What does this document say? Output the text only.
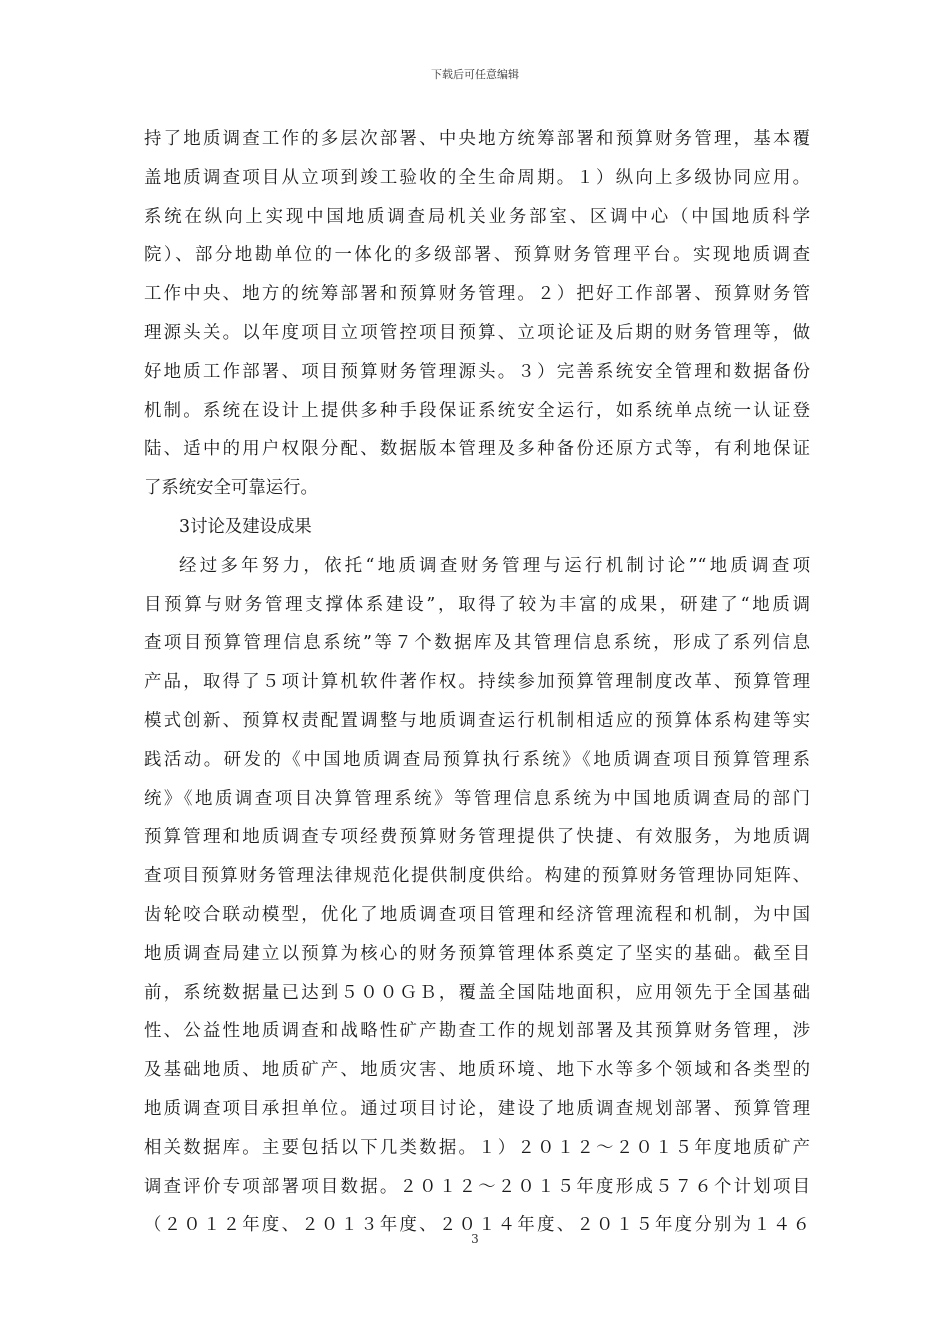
下载后可任意编辑
持了地质调查工作的多层次部署、中央地方统筹部署和预算财务管理，基本覆
盖地质调查项目从立项到竣工验收的全生命周期。１）纵向上多级协同应用。
系统在纵向上实现中国地质调查局机关业务部室、区调中心（中国地质科学
院）、部分地勘单位的一体化的多级部署、预算财务管理平台。实现地质调查
工作中央、地方的统筹部署和预算财务管理。２）把好工作部署、预算财务管
理源头关。以年度项目立项管控项目预算、立项论证及后期的财务管理等，做
好地质工作部署、项目预算财务管理源头。３）完善系统安全管理和数据备份
机制。系统在设计上提供多种手段保证系统安全运行，如系统单点统一认证登
陆、适中的用户权限分配、数据版本管理及多种备份还原方式等，有利地保证
了系统安全可靠运行。
3讨论及建设成果
经过多年努力，依托“地质调查财务管理与运行机制讨论”“地质调查项
目预算与财务管理支撑体系建设”，取得了较为丰富的成果，研建了“地质调
查项目预算管理信息系统”等７个数据库及其管理信息系统，形成了系列信息
产品，取得了５项计算机软件著作权。持续参加预算管理制度改革、预算管理
模式创新、预算权责配置调整与地质调查运行机制相适应的预算体系构建等实
践活动。研发的《中国地质调查局预算执行系统》《地质调查项目预算管理系
统》《地质调查项目决算管理系统》等管理信息系统为中国地质调查局的部门
预算管理和地质调查专项经费预算财务管理提供了快捷、有效服务，为地质调
查项目预算财务管理法律规范化提供制度供给。构建的预算财务管理协同矩阵、
齿轮咬合联动模型，优化了地质调查项目管理和经济管理流程和机制，为中国
地质调查局建立以预算为核心的财务预算管理体系奠定了坚实的基础。截至目
前，系统数据量已达到５００ＧＢ，覆盖全国陆地面积，应用领先于全国基础
性、公益性地质调查和战略性矿产勘查工作的规划部署及其预算财务管理，涉
及基础地质、地质矿产、地质灾害、地质环境、地下水等多个领域和各类型的
地质调查项目承担单位。通过项目讨论，建设了地质调查规划部署、预算管理
相关数据库。主要包括以下几类数据。１）２０１２～２０１５年度地质矿产
调查评价专项部署项目数据。２０１２～２０１５年度形成５７６个计划项目
（２０１２年度、２０１３年度、２０１４年度、２０１５年度分别为１４６
3
